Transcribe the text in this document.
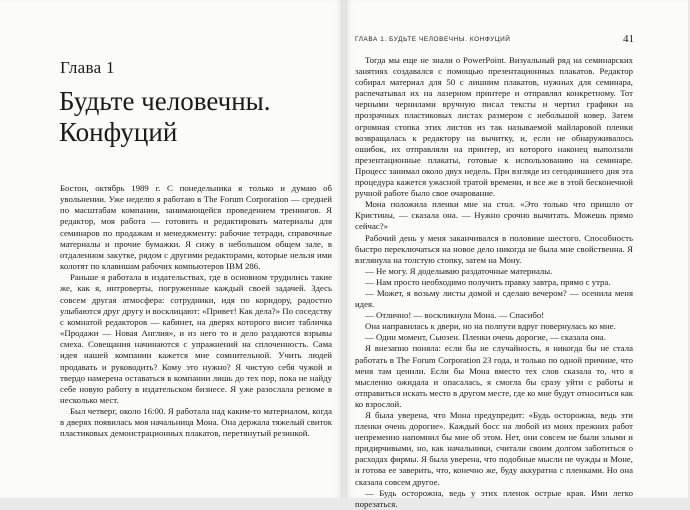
Глава 1
Будьте человечны.
Конфуций

Бостон, октябрь 1989 г. С понедельника я только и думаю об увольнении. Уже неделю я работаю в The Forum Corporation — средней по масштабам компании, занимающейся проведением тренингов. Я редактор, моя работа — готовить и редактировать материалы для семинаров по продажам и менеджменту: рабочие тетради, справочные материалы и прочие бумажки. Я сижу в небольшом общем зале, в отдаленном закутке, рядом с другими редакторами, которые нельзя ими колотят по клавишам рабочих компьютеров IBM 286.

Раньше я работала в издательствах, где в основном трудились такие же, как я, интроверты, погруженные каждый своей задачей. Здесь совсем другая атмосфера: сотрудники, идя по коридору, радостно улыбаются друг другу и восклицают: «Привет! Как дела?» По соседству с комнатой редакторов — кабинет, на дверях которого висит табличка «Продажи — Новая Англия», и из него то и дело раздаются взрывы смеха. Совещания начинаются с упражнений на сплоченность. Сама идея нашей компании кажется мне сомнительной. Учить людей продавать и руководить? Кому это нужно? Я чистую себя чужой и твердо намерена оставаться в компании лишь до тех пор, пока не найду себе новую работу в издательском бизнесе. Я уже разослала резюме в несколько мест.

Был четверг, около 16:00. Я работала над каким-то материалом, когда в дверях появилась моя начальница Мона. Она держала тяжелый свиток пластиковых демонстрационных плакатов, перетянутый резинкой.

ГЛАВА 1. БУДЬТЕ ЧЕЛОВЕЧНЫ. КОНФУЦИЙ	41

Тогда мы еще не знали о PowerPoint. Визуальный ряд на семинарских занятиях создавался с помощью презентационных плакатов. Редактор собирал материал для 50 с лишним плакатов, нужных для семинара, распечатывал их на лазерном принтере и отправлял конкретному. Тот черными чернилами вручную писал тексты и чертил графики на прозрачных пластиковых листах размером с небольшой ковер. Затем огромная стопка этих листов из так называемой майларовой пленки возвращалась к редактору на вычитку, и, если не обнаруживалось ошибок, их отправляли на принтер, из которого наконец выползали презентационные плакаты, готовые к использованию на семинаре. Процесс занимал около двух недель. При взгляде из сегодняшнего дня эта процедура кажется ужасной тратой времени, и все же в этой бесконечной ручной работе было свое очарование.

Мона положила пленки мне на стол. «Это только что пришло от Кристины, — сказала она. — Нужно срочно вычитать. Можешь прямо сейчас?»

Рабочий день у меня заканчивался в половине шестого. Способность быстро переключаться на новое дело никогда не была мне свойственна. Я взглянула на толстую стопку, затем на Мону.

— Не могу. Я доделываю раздаточные материалы.

— Нам просто необходимо получить правку завтра, прямо с утра.

— Может, я возьму листы домой и сделаю вечером? — осенила меня идея.

— Отлично! — воскликнула Мона. — Спасибо!

Она направилась к двери, но на полпути вдруг повернулась ко мне.

— Один момент, Сьюзен. Пленки очень дорогие, — сказала она.

Я внезапно поняла: если бы не случайность, я никогда бы не стала работать в The Forum Corporation 23 года, и только по одной причине, что меня там ценили. Если бы Мона вместо тех слов сказала то, что я мысленно ожидала и опасалась, я смогла бы сразу уйти с работы и отправиться искать место в другом месте, где ко мне будут относиться как ко взрослой.

Я была уверена, что Мона предупредит: «Будь осторожна, ведь эти пленки очень дорогие». Каждый босс на любой из моих прежних работ непременно напомнил бы мне об этом. Нет, они совсем не были злыми и придирчивыми, но, как начальники, считали своим долгом заботиться о расходах фирмы. Я была уверена, что подобные мысли не чужды и Моне, и готова ее заверить, что, конечно же, буду аккуратна с пленками. Но она сказала совсем другое.

— Будь осторожна, ведь у этих пленок острые края. Ими легко порезаться.
